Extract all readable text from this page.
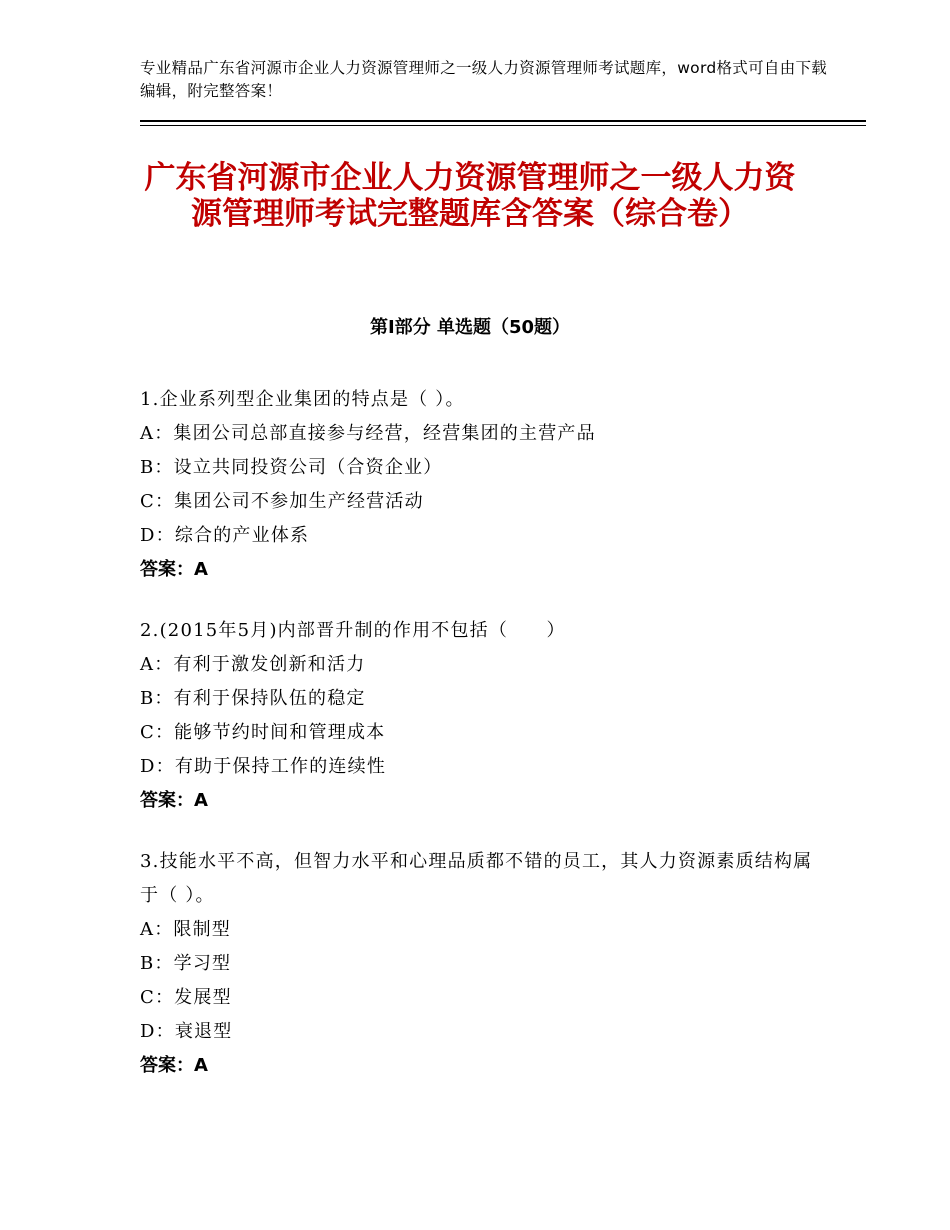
专业精品广东省河源市企业人力资源管理师之一级人力资源管理师考试题库，word格式可自由下载编辑，附完整答案！
广东省河源市企业人力资源管理师之一级人力资源管理师考试完整题库含答案（综合卷）
第Ⅰ部分 单选题（50题）

1.企业系列型企业集团的特点是（ ）。

A：集团公司总部直接参与经营，经营集团的主营产品

B：设立共同投资公司（合资企业）

C：集团公司不参加生产经营活动

D：综合的产业体系

答案：A

2.(2015年5月)内部晋升制的作用不包括（　　）

A：有利于激发创新和活力

B：有利于保持队伍的稳定

C：能够节约时间和管理成本

D：有助于保持工作的连续性

答案：A

3.技能水平不高，但智力水平和心理品质都不错的员工，其人力资源素质结构属 于（ ）。

A：限制型

B：学习型

C：发展型

D：衰退型

答案：A
